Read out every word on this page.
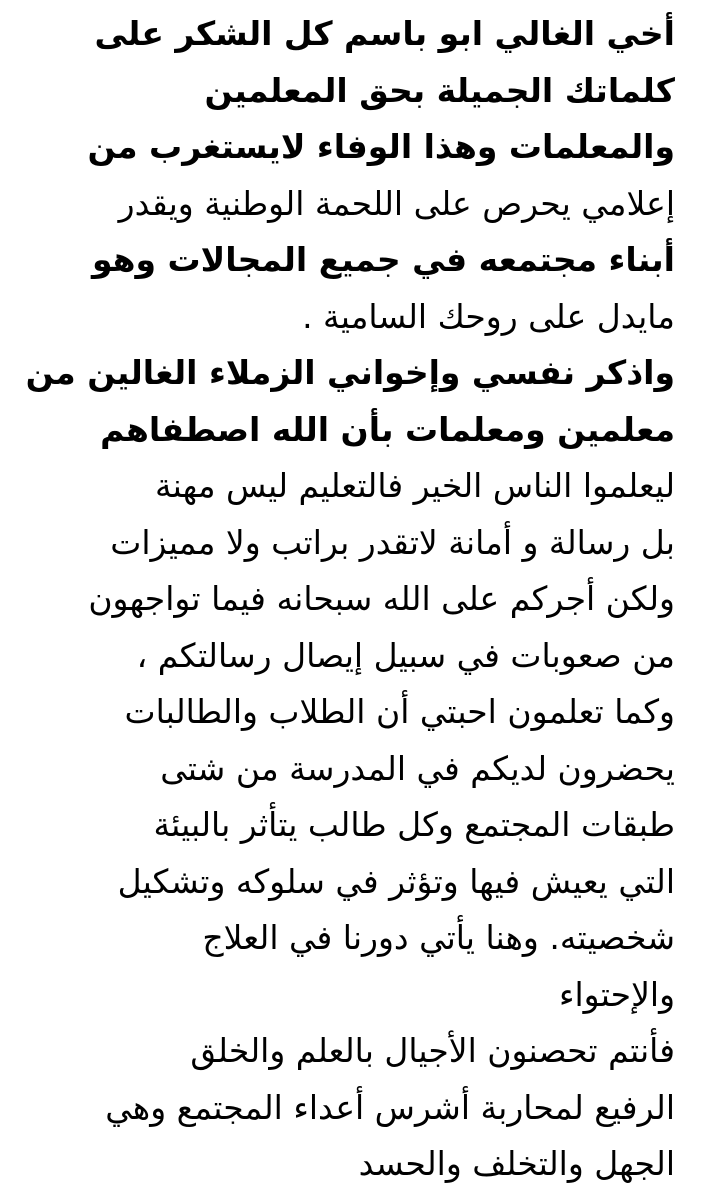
أخي الغالي ابو باسم كل الشكر على
كلماتك الجميلة بحق المعلمين
والمعلمات وهذا الوفاء لايستغرب من
إعلامي يحرص على اللحمة الوطنية ويقدر
أبناء مجتمعه في جميع المجالات وهو
مايدل على روحك السامية .
واذكر نفسي وإخواني الزملاء الغالين من
معلمين ومعلمات بأن الله اصطفاهم
ليعلموا الناس الخير فالتعليم ليس مهنة
بل رسالة و أمانة لاتقدر براتب ولا مميزات
ولكن أجركم على الله سبحانه فيما تواجهون
من صعوبات في سبيل إيصال رسالتكم ،
وكما تعلمون احبتي أن الطلاب والطالبات
يحضرون لديكم في المدرسة من شتى
طبقات المجتمع وكل طالب يتأثر بالبيئة
التي يعيش فيها وتؤثر في سلوكه وتشكيل
شخصيته. وهنا يأتي دورنا في العلاج
والإحتواء
فأنتم تحصنون الأجيال بالعلم والخلق
الرفيع لمحاربة أشرس أعداء المجتمع وهي
الجهل والتخلف والحسد
